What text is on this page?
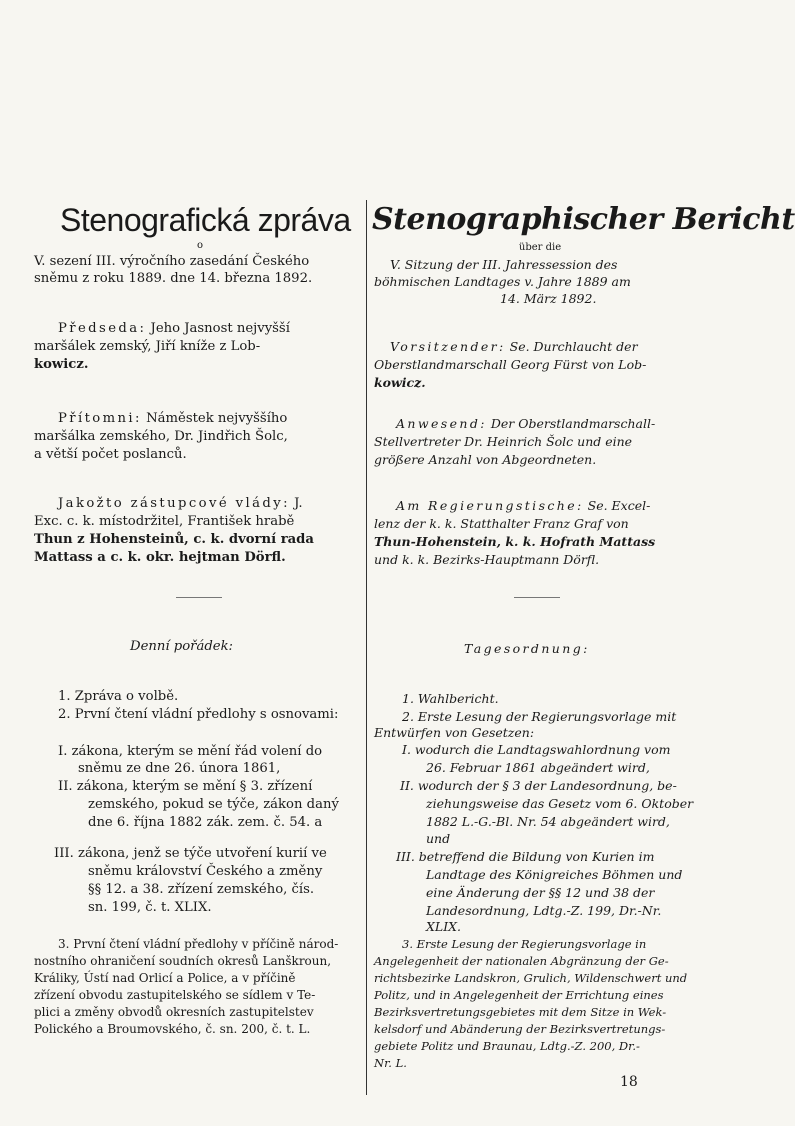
Stenografická zpráva
o
V. sezení III. výročního zasedání Českého
sněmu z roku 1889. dne 14. března 1892.
Předseda: Jeho Jasnost nejvyšší
maršálek zemský, Jiří kníže z Lob-
kowicz.
Přítomni: Náměstek nejvyššího
maršálka zemského, Dr. Jindřich Šolc,
a větší počet poslanců.
Jakožto zástupcové vlády: J.
Exc. c. k. místodržitel, František hrabě
Thun z Hohensteinů, c. k. dvorní rada
Mattass a c. k. okr. hejtman Dörfl.
Denní pořádek:
1. Zpráva o volbě.
2. První čtení vládní předlohy s osnovami:
I. zákona, kterým se mění řád volení do
sněmu ze dne 26. února 1861,
II. zákona, kterým se mění § 3. zřízení
zemského, pokud se týče, zákon daný
dne 6. října 1882 zák. zem. č. 54. a
III. zákona, jenž se týče utvoření kurií ve
sněmu království Českého a změny
§§ 12. a 38. zřízení zemského, čís.
sn. 199, č. t. XLIX.
3. První čtení vládní předlohy v příčině národ-
nostního ohraničení soudních okresů Lanškroun,
Králiky, Ústí nad Orlicí a Police, a v příčině
zřízení obvodu zastupitelského se sídlem v Te-
plici a změny obvodů okresních zastupitelstev
Polického a Broumovského, č. sn. 200, č. t. L.
Stenographischer Bericht
über die
V. Sitzung der III. Jahressession des
böhmischen Landtages v. Jahre 1889 am
14. März 1892.
Vorsitzender: Se. Durchlaucht der
Oberstlandmarschall Georg Fürst von Lob-
kowicz.
Anwesend: Der Oberstlandmarschall-
Stellvertreter Dr. Heinrich Šolc und eine
größere Anzahl von Abgeordneten.
Am Regierungstische: Se. Excel-
lenz der k. k. Statthalter Franz Graf von
Thun-Hohenstein, k. k. Hofrath Mattass
und k. k. Bezirks-Hauptmann Dörfl.
Tagesordnung:
1. Wahlbericht.
2. Erste Lesung der Regierungsvorlage mit
Entwürfen von Gesetzen:
I. wodurch die Landtagswahlordnung vom
26. Februar 1861 abgeändert wird,
II. wodurch der § 3 der Landesordnung, be-
ziehungsweise das Gesetz vom 6. Oktober
1882 L.-G.-Bl. Nr. 54 abgeändert wird,
und
III. betreffend die Bildung von Kurien im
Landtage des Königreiches Böhmen und
eine Änderung der §§ 12 und 38 der
Landesordnung, Ldtg.-Z. 199, Dr.-Nr.
XLIX.
3. Erste Lesung der Regierungsvorlage in
Angelegenheit der nationalen Abgränzung der Ge-
richtsbezirke Landskron, Grulich, Wildenschwert und
Politz, und in Angelegenheit der Errichtung eines
Bezirksvertretungsgebietes mit dem Sitze in Wek-
kelsdorf und Abänderung der Bezirksvertretungs-
gebiete Politz und Braunau, Ldtg.-Z. 200, Dr.-
Nr. L.
18
